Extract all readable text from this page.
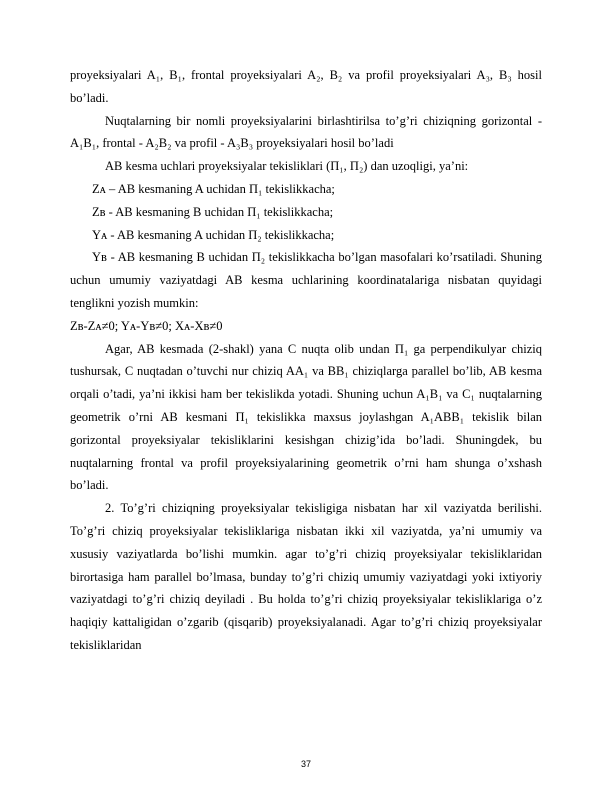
proyeksiyalari A₁, B₁, frontal proyeksiyalari A₂, B₂ va profil proyeksiyalari A₃, B₃ hosil bo’ladi.

Nuqtalarning bir nomli proyeksiyalarini birlashtirilsa to’g’ri chiziqning gorizontal - A₁B₁, frontal - A₂B₂ va profil - A₃B₃ proyeksiyalari hosil bo’ladi

AB kesma uchlari proyeksiyalar tekisliklari (П₁, П₂) dan uzoqligi, ya’ni:

Zᴀ – AB kesmaning A uchidan П₁ tekislikkacha;

Zʙ - AB kesmaning B uchidan П₁ tekislikkacha;

Yᴀ - AB kesmaning A uchidan П₂ tekislikkacha;

Yʙ - AB kesmaning B uchidan П₂ tekislikkacha bo’lgan masofalari ko’rsatiladi. Shuning uchun umumiy vaziyatdagi AB kesma uchlarining koordinatalariga nisbatan quyidagi tenglikni yozish mumkin:

Zʙ-Zᴀ≠0; Yᴀ-Yʙ≠0; Xᴀ-Xʙ≠0

Agar, AB kesmada (2-shakl) yana C nuqta olib undan П₁ ga perpendikulyar chiziq tushursak, C nuqtadan o’tuvchi nur chiziq AA₁ va BB₁ chiziqlarga parallel bo’lib, AB kesma orqali o’tadi, ya’ni ikkisi ham ber tekislikda yotadi. Shuning uchun A₁B₁ va C₁ nuqtalarning geometrik o’rni AB kesmani П₁ tekislikka maxsus joylashgan A₁ABB₁ tekislik bilan gorizontal proyeksiyalar tekisliklarini kesishgan chizig’ida bo’ladi. Shuningdek, bu nuqtalarning frontal va profil proyeksiyalarining geometrik o’rni ham shunga o’xshash bo’ladi.

2. To’g’ri chiziqning proyeksiyalar tekisligiga nisbatan har xil vaziyatda berilishi. To’g’ri chiziq proyeksiyalar tekisliklariga nisbatan ikki xil vaziyatda, ya’ni umumiy va xususiy vaziyatlarda bo’lishi mumkin. agar to’g’ri chiziq proyeksiyalar tekisliklaridan birortasiga ham parallel bo’lmasa, bunday to’g’ri chiziq umumiy vaziyatdagi yoki ixtiyoriy vaziyatdagi to’g’ri chiziq deyiladi . Bu holda to’g’ri chiziq proyeksiyalar tekisliklariga o’z haqiqiy kattaligidan o’zgarib (qisqarib) proyeksiyalanadi. Agar to’g’ri chiziq proyeksiyalar tekisliklaridan

37
